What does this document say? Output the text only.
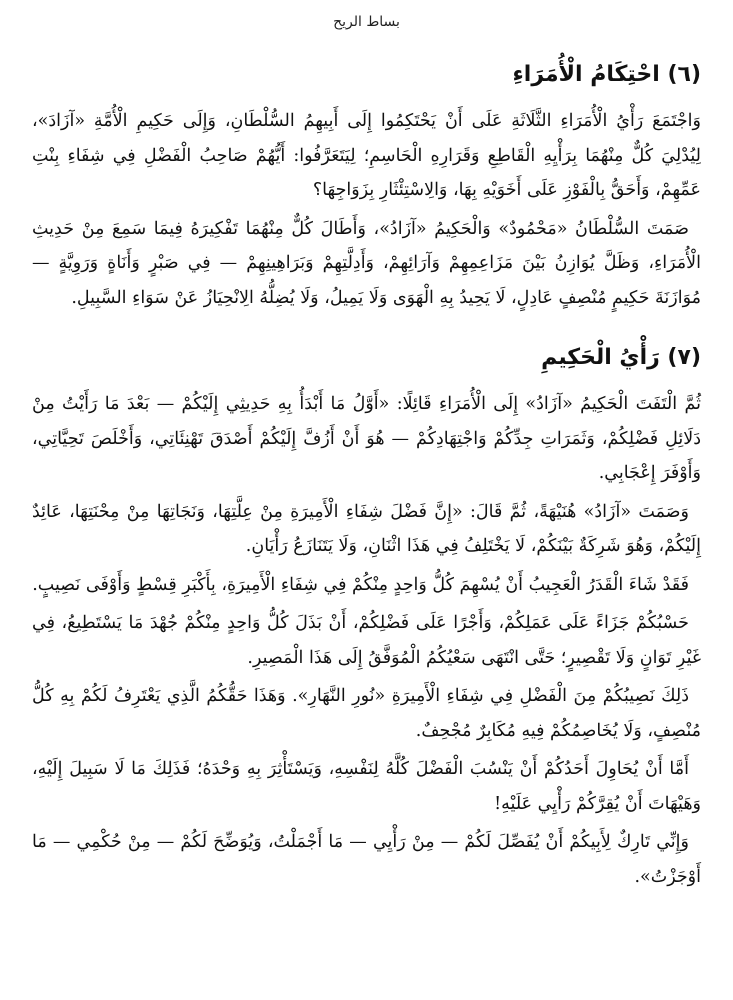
بساط الريح
(٦) احْتِكَامُ الْأُمَرَاءِ

وَاجْتَمَعَ رَأْيُ الْأُمَرَاءِ الثَّلَاثَةِ عَلَى أَنْ يَحْتَكِمُوا إِلَى أَبِيهِمُ السُّلْطَانِ، وَإِلَى حَكِيمِ الْأُمَّةِ «آزَادَ»، لِيُدْلِيَ كُلٌّ مِنْهُمَا بِرَأْيِهِ الْقَاطِعِ وَقَرَارِهِ الْحَاسِمِ؛ لِيَتَعَرَّفُوا: أَيُّهُمْ صَاحِبُ الْفَضْلِ فِي شِفَاءِ بِنْتِ عَمِّهِمْ، وَأَحَقُّ بِالْفَوْزِ عَلَى أَخَوَيْهِ بِهَا، وَالِاسْتِئْثَارِ بِزَوَاجِهَا؟

صَمَتَ السُّلْطَانُ «مَحْمُودٌ» وَالْحَكِيمُ «آزَادُ»، وَأَطَالَ كُلٌّ مِنْهُمَا تَفْكِيرَهُ فِيمَا سَمِعَ مِنْ حَدِيثِ الْأُمَرَاءِ، وَظَلَّ يُوَازِنُ بَيْنَ مَزَاعِمِهِمْ وَآرَائِهِمْ، وَأَدِلَّتِهِمْ وَبَرَاهِينِهِمْ — فِي صَبْرٍ وَأَنَاةٍ وَرَوِيَّةٍ — مُوَازَنَةَ حَكِيمٍ مُنْصِفٍ عَادِلٍ، لَا يَحِيدُ بِهِ الْهَوَى وَلَا يَمِيلُ، وَلَا يُضِلُّهُ الِانْحِيَازُ عَنْ سَوَاءِ السَّبِيلِ.

(٧) رَأْيُ الْحَكِيمِ

ثُمَّ الْتَفَتَ الْحَكِيمُ «آزَادُ» إِلَى الْأُمَرَاءِ قَائِلًا: «أَوَّلُ مَا أَبْدَأُ بِهِ حَدِيثِي إِلَيْكُمْ — بَعْدَ مَا رَأَيْتُ مِنْ دَلَائِلِ فَضْلِكُمْ، وَثَمَرَاتِ جِدِّكُمْ وَاجْتِهَادِكُمْ — هُوَ أَنْ أَزُفَّ إِلَيْكُمْ أَصْدَقَ تَهْنِئَاتِي، وَأَخْلَصَ تَحِيَّاتِي، وَأَوْفَرَ إِعْجَابِي.

وَصَمَتَ «آزَادُ» هُنَيْهَةً، ثُمَّ قَالَ: «إِنَّ فَضْلَ شِفَاءِ الْأَمِيرَةِ مِنْ عِلَّتِهَا، وَنَجَاتِهَا مِنْ مِحْنَتِهَا، عَائِدٌ إِلَيْكُمْ، وَهُوَ شَرِكَةٌ بَيْنَكُمْ، لَا يَخْتَلِفُ فِي هَذَا اثْنَانِ، وَلَا يَتَنَازَعُ رَأْيَانِ.

فَقَدْ شَاءَ الْقَدَرُ الْعَجِيبُ أَنْ يُسْهِمَ كُلُّ وَاحِدٍ مِنْكُمْ فِي شِفَاءِ الْأَمِيرَةِ، بِأَكْبَرِ قِسْطٍ وَأَوْفَى نَصِيبٍ.

حَسْبُكُمْ جَزَاءً عَلَى عَمَلِكُمْ، وَأَجْرًا عَلَى فَضْلِكُمْ، أَنْ بَذَلَ كُلُّ وَاحِدٍ مِنْكُمْ جُهْدَ مَا يَسْتَطِيعُ، فِي غَيْرِ تَوَانٍ وَلَا تَقْصِيرٍ؛ حَتَّى انْتَهَى سَعْيُكُمُ الْمُوَفَّقُ إِلَى هَذَا الْمَصِيرِ.

ذَلِكَ نَصِيبُكُمْ مِنَ الْفَضْلِ فِي شِفَاءِ الْأَمِيرَةِ «نُورِ النَّهَارِ». وَهَذَا حَقُّكُمُ الَّذِي يَعْتَرِفُ لَكُمْ بِهِ كُلُّ مُنْصِفٍ، وَلَا يُخَاصِمُكُمْ فِيهِ مُكَابِرٌ مُجْحِفٌ.

أَمَّا أَنْ يُحَاوِلَ أَحَدُكُمْ أَنْ يَنْسُبَ الْفَضْلَ كُلَّهُ لِنَفْسِهِ، وَيَسْتَأْثِرَ بِهِ وَحْدَهُ؛ فَذَلِكَ مَا لَا سَبِيلَ إِلَيْهِ، وَهَيْهَاتَ أَنْ يُقِرَّكُمْ رَأْيِي عَلَيْهِ!

وَإِنِّي تَارِكٌ لِأَبِيكُمْ أَنْ يُفَصِّلَ لَكُمْ — مِنْ رَأْيِي — مَا أَجْمَلْتُ، وَيُوَضِّحَ لَكُمْ — مِنْ حُكْمِي — مَا أَوْجَزْتُ».
